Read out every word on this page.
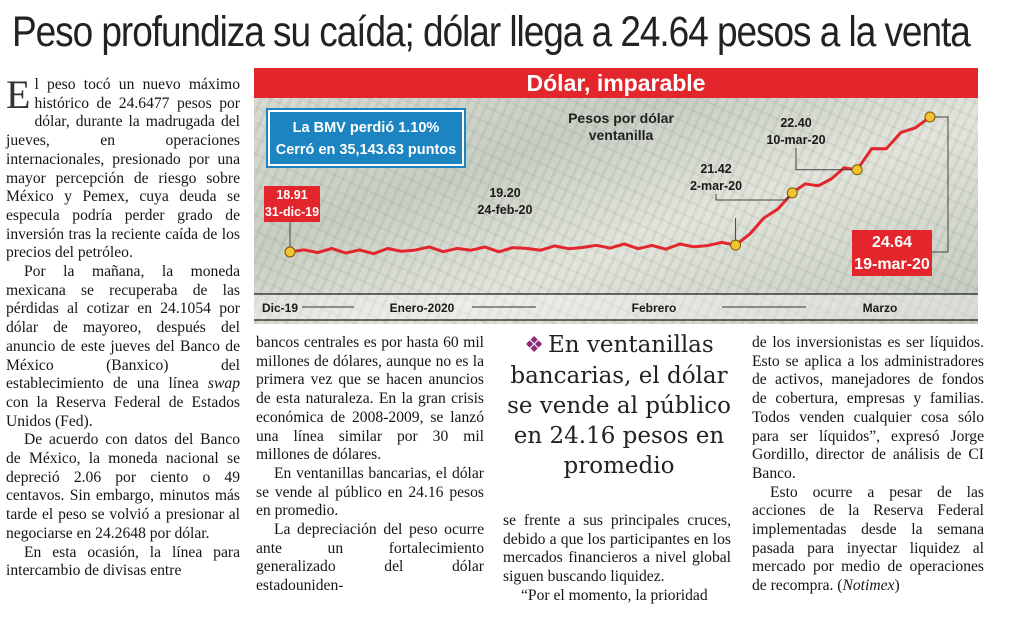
Peso profundiza su caída; dólar llega a 24.64 pesos a la venta

El peso tocó un nuevo máximo histórico de 24.6477 pesos por dólar, durante la madrugada del jueves, en operaciones internacionales, presionado por una mayor percepción de riesgo sobre México y Pemex, cuya deuda se especula podría perder grado de inversión tras la reciente caída de los precios del petróleo.

Por la mañana, la moneda mexicana se recuperaba de las pérdidas al cotizar en 24.1054 por dólar de mayoreo, después del anuncio de este jueves del Banco de México (Banxico) del establecimiento de una línea swap con la Reserva Federal de Estados Unidos (Fed).

De acuerdo con datos del Banco de México, la moneda nacional se depreció 2.06 por ciento o 49 centavos. Sin embargo, minutos más tarde el peso se volvió a presionar al negociarse en 24.2648 por dólar.

En esta ocasión, la línea para intercambio de divisas entre

18.91
31-dic-19
19.20
24-feb-20
21.42
2-mar-20
22.40
10-mar-20
24.64
19-mar-20
Dic-19	Enero-2020	Febrero	Marzo
Dólar, imparable
La BMV perdió 1.10%
Cerró en 35,143.63 puntos
Pesos por dólar ventanilla

bancos centrales es por hasta 60 mil millones de dólares, aunque no es la primera vez que se hacen anuncios de esta naturaleza. En la gran crisis económica de 2008-2009, se lanzó una línea similar por 30 mil millones de dólares.

En ventanillas bancarias, el dólar se vende al público en 24.16 pesos en promedio.

La depreciación del peso ocurre ante un fortalecimiento generalizado del dólar estadouniden-

❖ En ventanillas bancarias, el dólar se vende al público en 24.16 pesos en promedio

se frente a sus principales cruces, debido a que los participantes en los mercados financieros a nivel global siguen buscando liquidez.

“Por el momento, la prioridad

de los inversionistas es ser líquidos. Esto se aplica a los administradores de activos, manejadores de fondos de cobertura, empresas y familias. Todos venden cualquier cosa sólo para ser líquidos”, expresó Jorge Gordillo, director de análisis de CI Banco.

Esto ocurre a pesar de las acciones de la Reserva Federal implementadas desde la semana pasada para inyectar liquidez al mercado por medio de operaciones de recompra. (Notimex)
